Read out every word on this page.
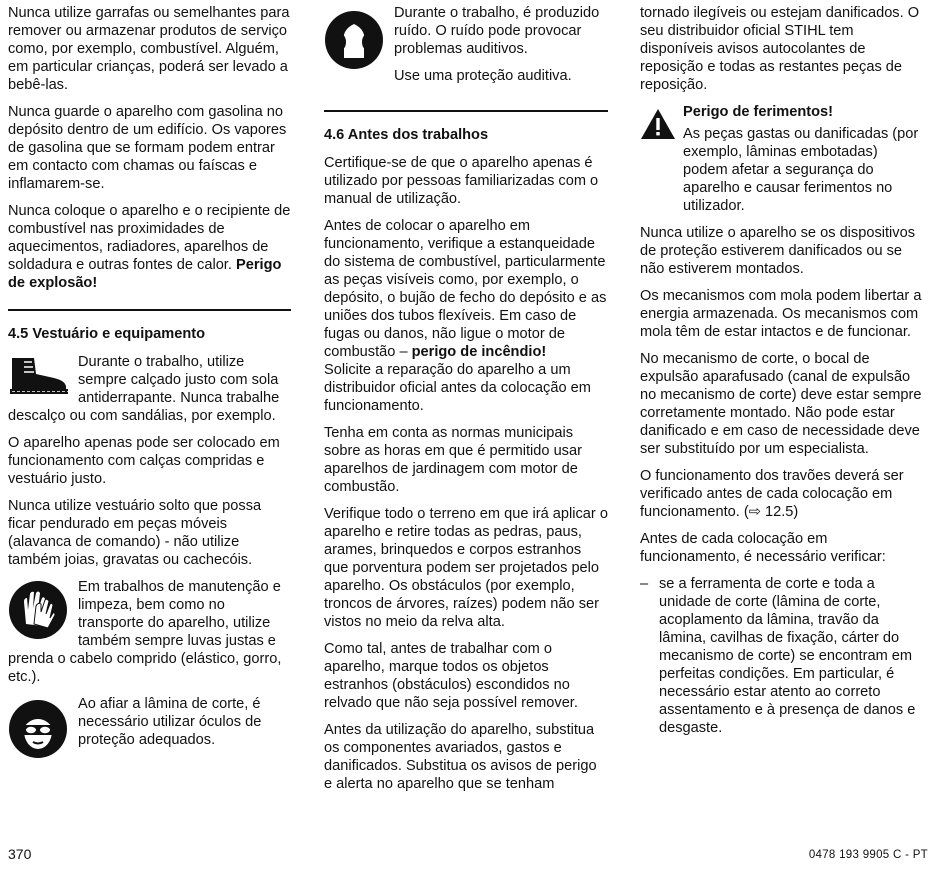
Nunca utilize garrafas ou semelhantes para remover ou armazenar produtos de serviço como, por exemplo, combustível. Alguém, em particular crianças, poderá ser levado a bebê-las.

Nunca guarde o aparelho com gasolina no depósito dentro de um edifício. Os vapores de gasolina que se formam podem entrar em contacto com chamas ou faíscas e inflamarem-se.

Nunca coloque o aparelho e o recipiente de combustível nas proximidades de aquecimentos, radiadores, aparelhos de soldadura e outras fontes de calor. Perigo de explosão!

4.5 Vestuário e equipamento
Durante o trabalho, utilize sempre calçado justo com sola antiderrapante. Nunca trabalhe descalço ou com sandálias, por exemplo.

O aparelho apenas pode ser colocado em funcionamento com calças compridas e vestuário justo.

Nunca utilize vestuário solto que possa ficar pendurado em peças móveis (alavanca de comando) - não utilize também joias, gravatas ou cachecóis.

Em trabalhos de manutenção e limpeza, bem como no transporte do aparelho, utilize também sempre luvas justas e prenda o cabelo comprido (elástico, gorro, etc.).
Ao afiar a lâmina de corte, é necessário utilizar óculos de proteção adequados.

Durante o trabalho, é produzido ruído. O ruído pode provocar problemas auditivos.

Use uma proteção auditiva.

4.6 Antes dos trabalhos

Certifique-se de que o aparelho apenas é utilizado por pessoas familiarizadas com o manual de utilização.

Antes de colocar o aparelho em funcionamento, verifique a estanqueidade do sistema de combustível, particularmente as peças visíveis como, por exemplo, o depósito, o bujão de fecho do depósito e as uniões dos tubos flexíveis. Em caso de fugas ou danos, não ligue o motor de combustão – perigo de incêndio!
Solicite a reparação do aparelho a um distribuidor oficial antes da colocação em funcionamento.

Tenha em conta as normas municipais sobre as horas em que é permitido usar aparelhos de jardinagem com motor de combustão.

Verifique todo o terreno em que irá aplicar o aparelho e retire todas as pedras, paus, arames, brinquedos e corpos estranhos que porventura podem ser projetados pelo aparelho. Os obstáculos (por exemplo, troncos de árvores, raízes) podem não ser vistos no meio da relva alta.

Como tal, antes de trabalhar com o aparelho, marque todos os objetos estranhos (obstáculos) escondidos no relvado que não seja possível remover.

Antes da utilização do aparelho, substitua os componentes avariados, gastos e danificados. Substitua os avisos de perigo e alerta no aparelho que se tenham

tornado ilegíveis ou estejam danificados. O seu distribuidor oficial STIHL tem disponíveis avisos autocolantes de reposição e todas as restantes peças de reposição.

Perigo de ferimentos!
As peças gastas ou danificadas (por exemplo, lâminas embotadas) podem afetar a segurança do aparelho e causar ferimentos no utilizador.

Nunca utilize o aparelho se os dispositivos de proteção estiverem danificados ou se não estiverem montados.

Os mecanismos com mola podem libertar a energia armazenada. Os mecanismos com mola têm de estar intactos e de funcionar.

No mecanismo de corte, o bocal de expulsão aparafusado (canal de expulsão no mecanismo de corte) deve estar sempre corretamente montado. Não pode estar danificado e em caso de necessidade deve ser substituído por um especialista.

O funcionamento dos travões deverá ser verificado antes de cada colocação em funcionamento. (⇨ 12.5)

Antes de cada colocação em funcionamento, é necessário verificar:

– se a ferramenta de corte e toda a unidade de corte (lâmina de corte, acoplamento da lâmina, travão da lâmina, cavilhas de fixação, cárter do mecanismo de corte) se encontram em perfeitas condições. Em particular, é necessário estar atento ao correto assentamento e à presença de danos e desgaste.
370	0478 193 9905 C - PT
